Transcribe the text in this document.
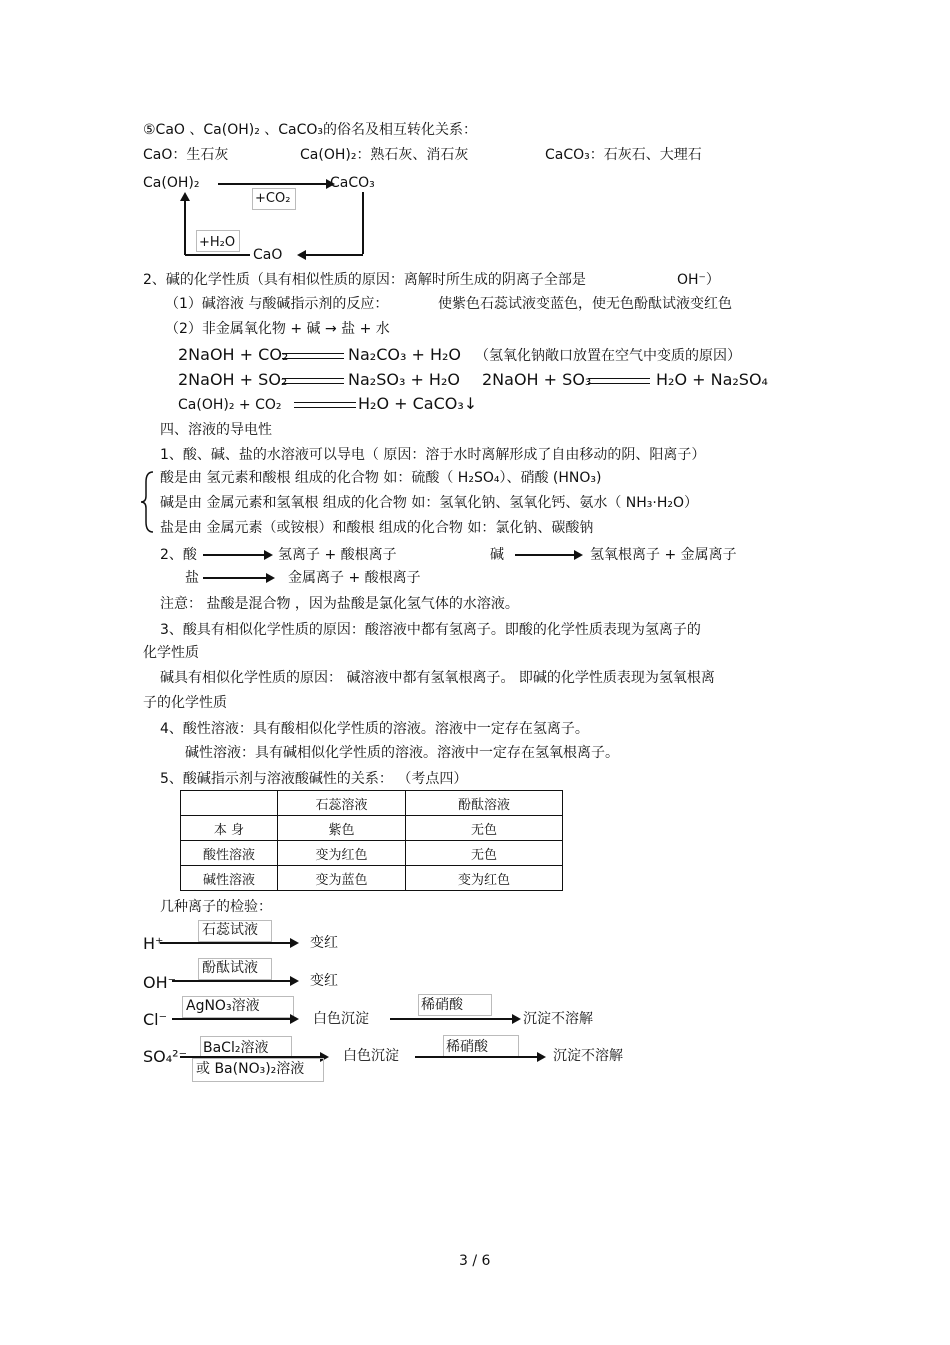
⑤CaO 、Ca(OH)₂ 、CaCO₃的俗名及相互转化关系：
CaO：生石灰	Ca(OH)₂：熟石灰、消石灰	CaCO₃：石灰石、大理石
Ca(OH)₂	CaCO₃
+CO₂
CaO
+H₂O
2、碱的化学性质（具有相似性质的原因：离解时所生成的阴离子全部是	OH⁻）
（1）碱溶液 与酸碱指示剂的反应：	使紫色石蕊试液变蓝色，使无色酚酞试液变红色
（2）非金属氧化物 + 碱 → 盐 + 水
2NaOH + CO₂	Na₂CO₃ + H₂O （氢氧化钠敞口放置在空气中变质的原因）
2NaOH + SO₂	Na₂SO₃ + H₂O 2NaOH + SO₃	H₂O + Na₂SO₄
Ca(OH)₂ + CO₂	H₂O + CaCO₃↓
四、溶液的导电性
1、酸、碱、盐的水溶液可以导电（ 原因：溶于水时离解形成了自由移动的阴、阳离子）
酸是由 氢元素和酸根 组成的化合物 如：硫酸（ H₂SO₄）、硝酸 (HNO₃)
碱是由 金属元素和氢氧根 组成的化合物 如：氢氧化钠、氢氧化钙、氨水（ NH₃·H₂O）
盐是由 金属元素（或铵根）和酸根 组成的化合物 如：氯化钠、碳酸钠
2、酸	氢离子 + 酸根离子	碱	氢氧根离子 + 金属离子
盐	金属离子 + 酸根离子
注意： 盐酸是混合物 ，因为盐酸是氯化氢气体的水溶液。
3、酸具有相似化学性质的原因：酸溶液中都有氢离子。即酸的化学性质表现为氢离子的
化学性质
碱具有相似化学性质的原因： 碱溶液中都有氢氧根离子。 即碱的化学性质表现为氢氧根离
子的化学性质
4、酸性溶液：具有酸相似化学性质的溶液。溶液中一定存在氢离子。
碱性溶液：具有碱相似化学性质的溶液。溶液中一定存在氢氧根离子。
5、酸碱指示剂与溶液酸碱性的关系： （考点四）
	石蕊溶液	酚酞溶液
本 身	紫色	无色
酸性溶液	变为红色	无色
碱性溶液	变为蓝色	变为红色
几种离子的检验：
H⁺
石蕊试液
变红
OH⁻
酚酞试液
变红
Cl⁻
AgNO₃溶液
白色沉淀
稀硝酸
沉淀不溶解
SO₄²⁻ BaCl₂溶液
或 Ba(NO₃)₂溶液
白色沉淀
稀硝酸
沉淀不溶解
3 / 6
